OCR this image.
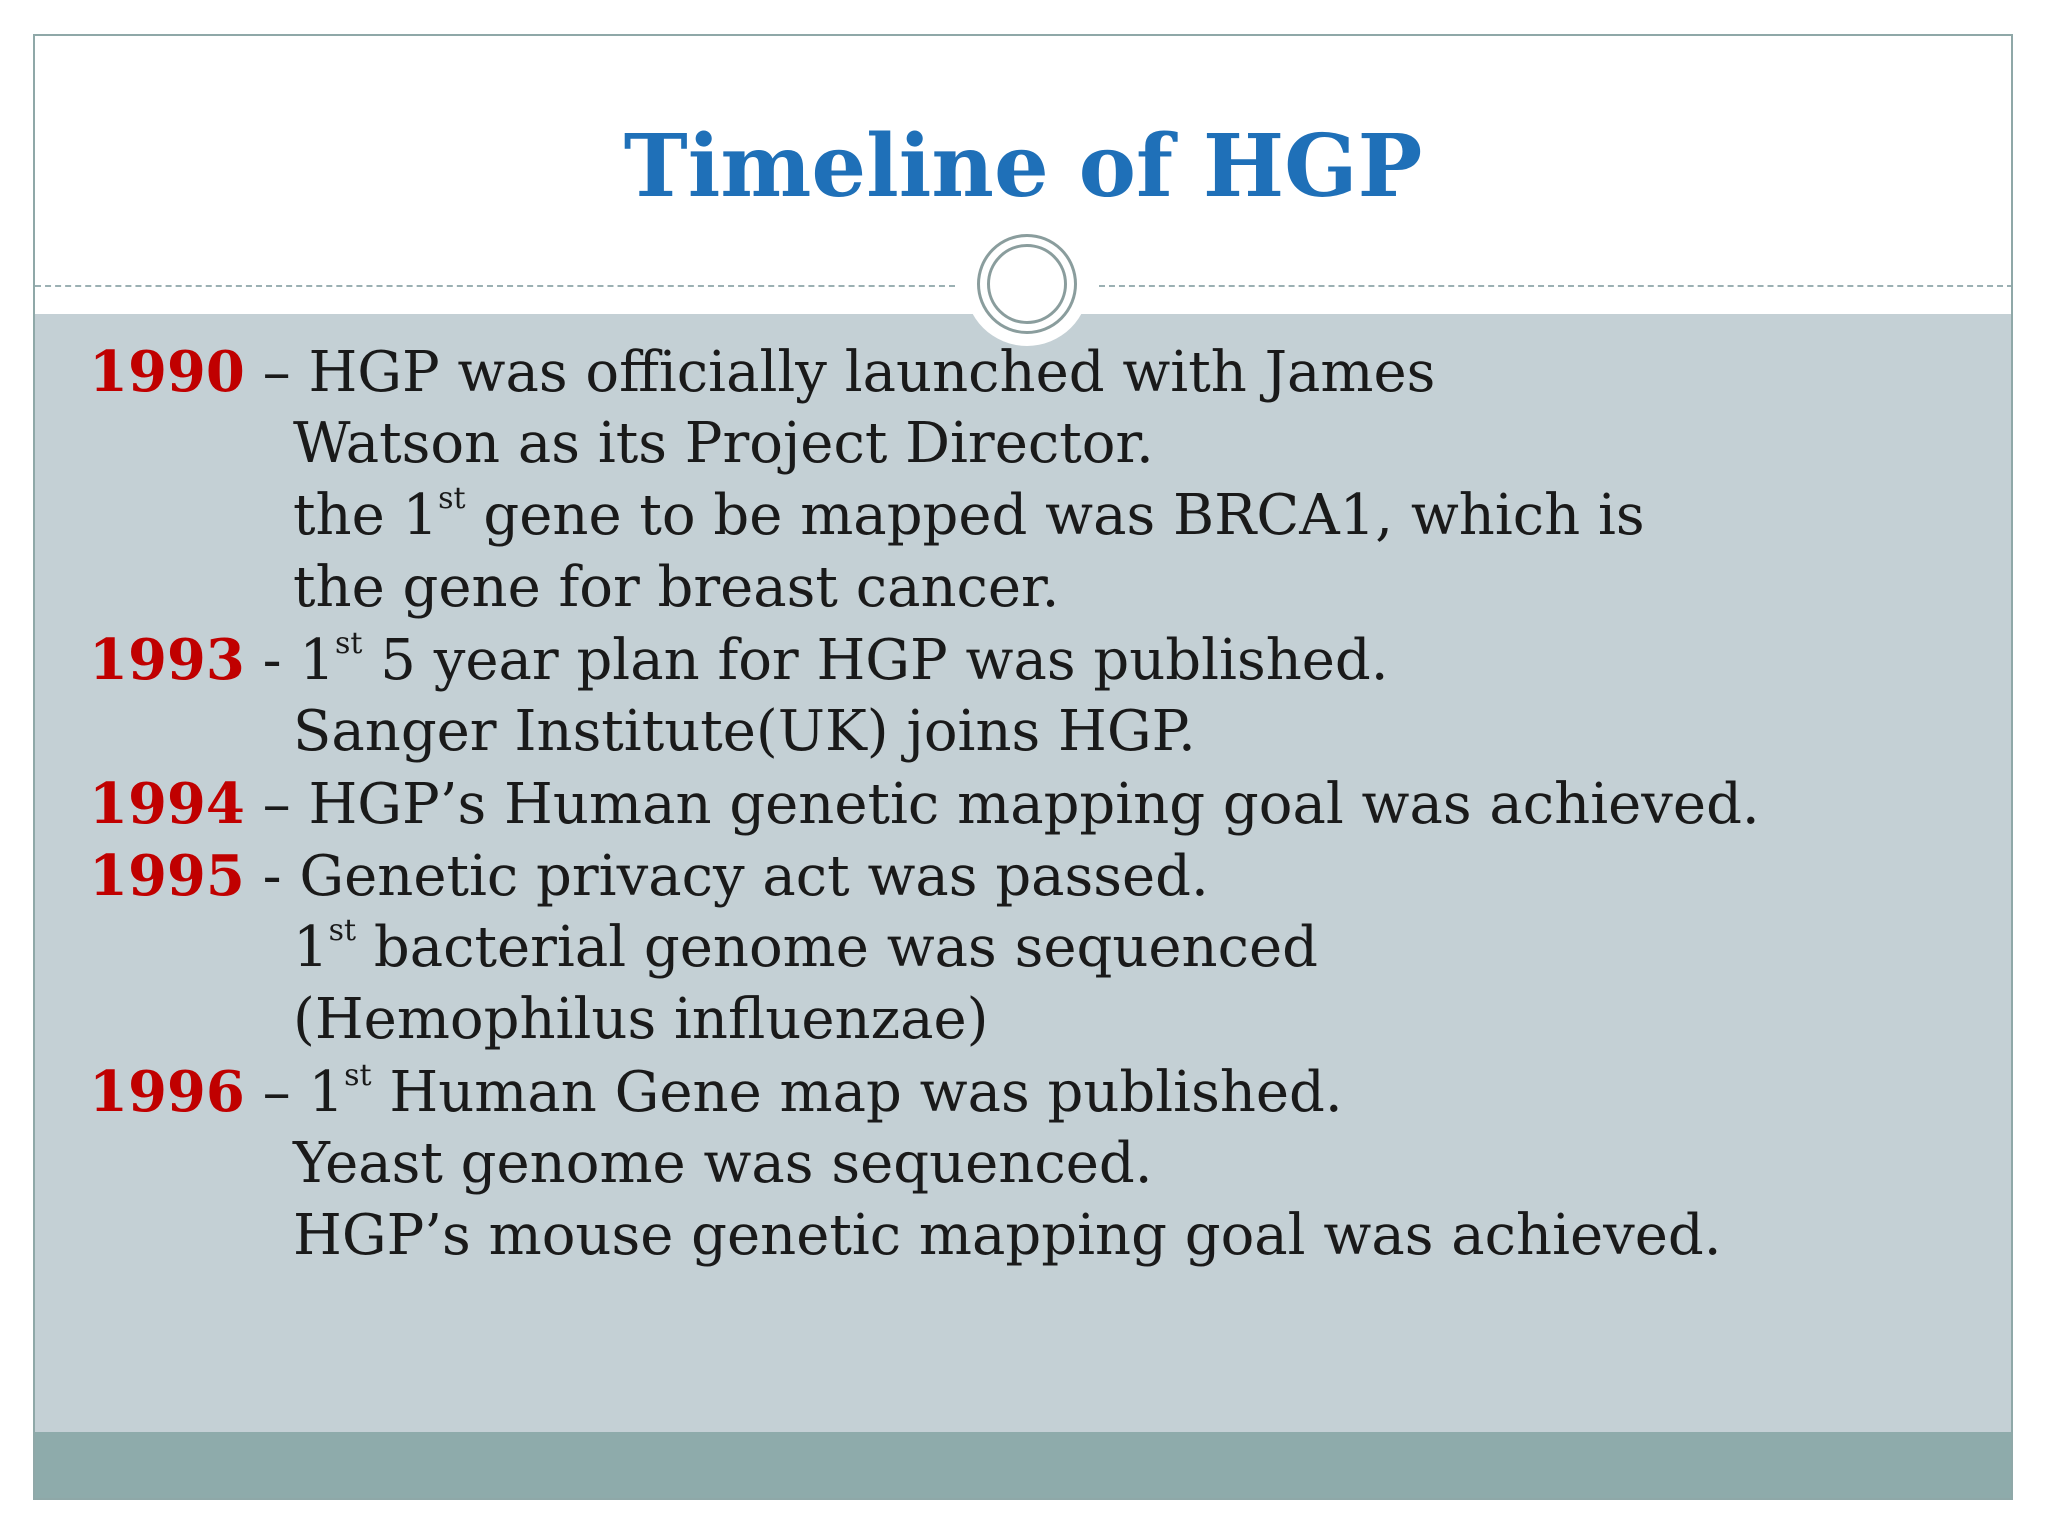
Timeline of HGP
1990 – HGP was officially launched with James
Watson as its Project Director.
the 1st gene to be mapped was BRCA1, which is
the gene for breast cancer.
1993 - 1st 5 year plan for HGP was published.
Sanger Institute(UK) joins HGP.
1994 – HGP’s Human genetic mapping goal was achieved.
1995 - Genetic privacy act was passed.
1st bacterial genome was sequenced
(Hemophilus influenzae)
1996 – 1st Human Gene map was published.
Yeast genome was sequenced.
HGP’s mouse genetic mapping goal was achieved.
